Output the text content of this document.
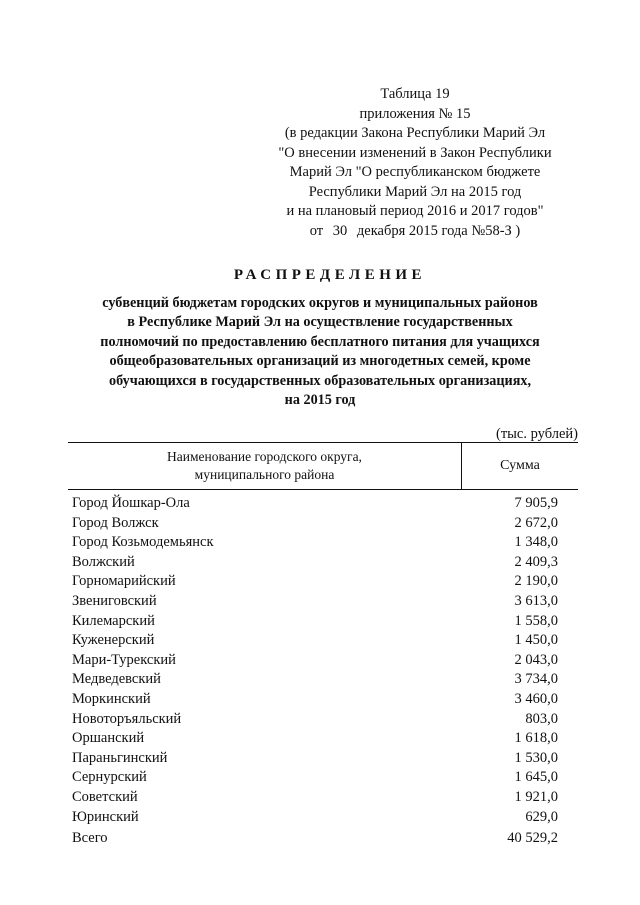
Таблица 19
приложения № 15
(в редакции Закона Республики Марий Эл
"О внесении изменений в Закон Республики
Марий Эл "О республиканском бюджете
Республики Марий Эл на 2015 год
и на плановый период 2016 и 2017 годов"
от 30 декабря 2015 года №58-З )
РАСПРЕДЕЛЕНИЕ
субвенций бюджетам городских округов и муниципальных районов
в Республике Марий Эл на осуществление государственных
полномочий по предоставлению бесплатного питания для учащихся
общеобразовательных организаций из многодетных семей, кроме
обучающихся в государственных образовательных организациях,
на 2015 год
(тыс. рублей)
Наименование городского округа,
муниципального района
Сумма
Город Йошкар-Ола	7 905,9
Город Волжск	2 672,0
Город Козьмодемьянск	1 348,0
Волжский	2 409,3
Горномарийский	2 190,0
Звениговский	3 613,0
Килемарский	1 558,0
Куженерский	1 450,0
Мари-Турекский	2 043,0
Медведевский	3 734,0
Моркинский	3 460,0
Новоторъяльский	803,0
Оршанский	1 618,0
Параньгинский	1 530,0
Сернурский	1 645,0
Советский	1 921,0
Юринский	629,0
Всего	40 529,2
